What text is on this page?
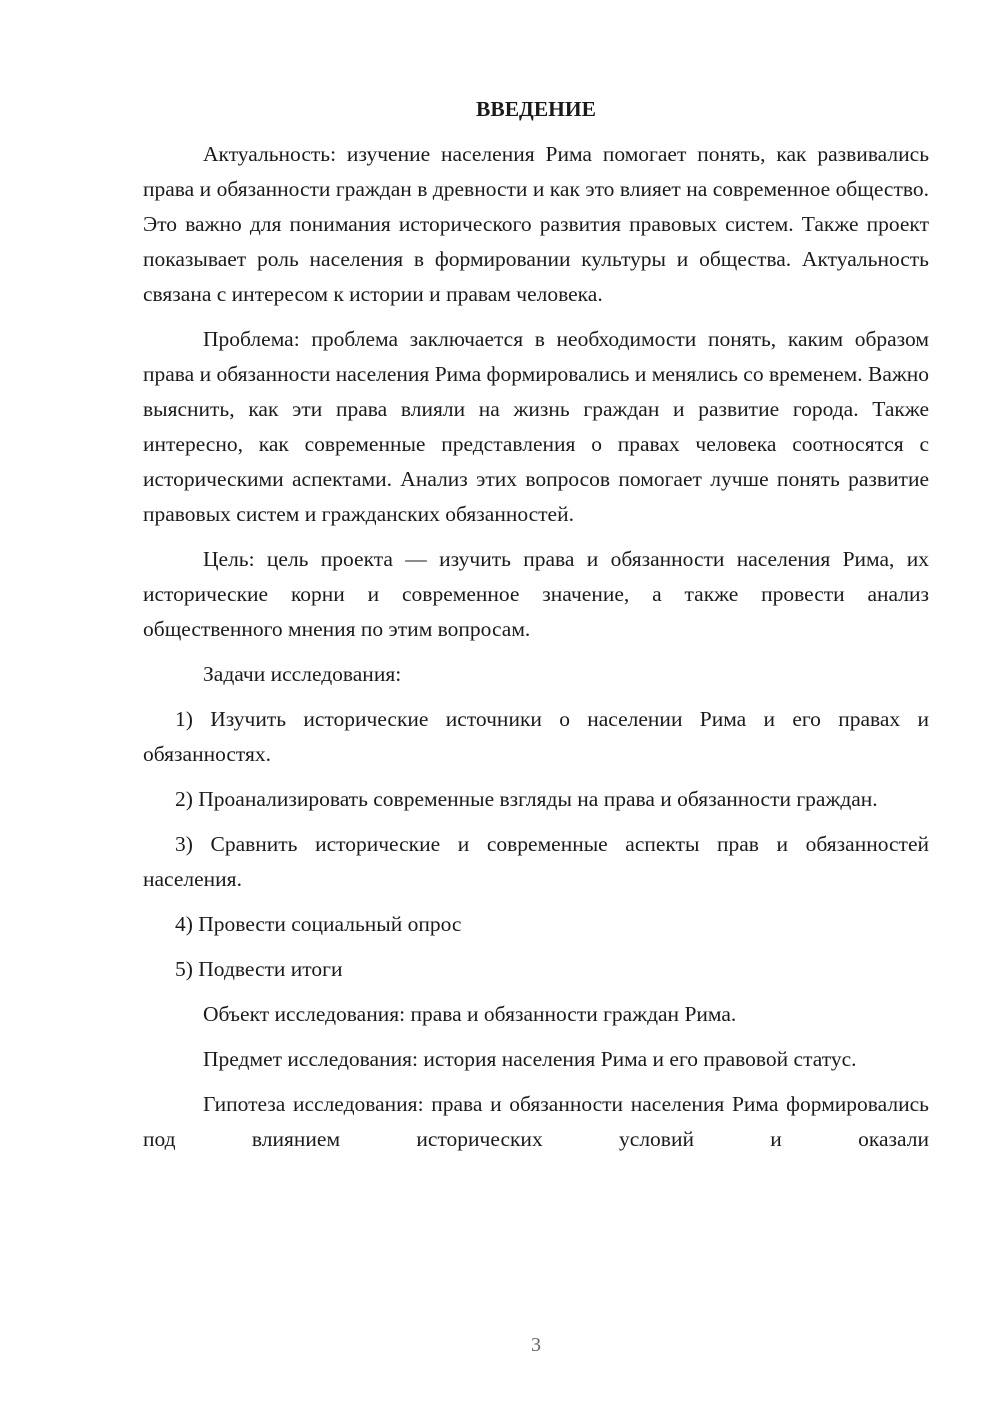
ВВЕДЕНИЕ

Актуальность: изучение населения Рима помогает понять, как развивались права и обязанности граждан в древности и как это влияет на современное общество. Это важно для понимания исторического развития правовых систем. Также проект показывает роль населения в формировании культуры и общества. Актуальность связана с интересом к истории и правам человека.

Проблема: проблема заключается в необходимости понять, каким образом права и обязанности населения Рима формировались и менялись со временем. Важно выяснить, как эти права влияли на жизнь граждан и развитие города. Также интересно, как современные представления о правах человека соотносятся с историческими аспектами. Анализ этих вопросов помогает лучше понять развитие правовых систем и гражданских обязанностей.

Цель: цель проекта — изучить права и обязанности населения Рима, их исторические корни и современное значение, а также провести анализ общественного мнения по этим вопросам.

Задачи исследования:

1) Изучить исторические источники о населении Рима и его правах и обязанностях.

2) Проанализировать современные взгляды на права и обязанности граждан.

3) Сравнить исторические и современные аспекты прав и обязанностей населения.

4) Провести социальный опрос

5) Подвести итоги

Объект исследования: права и обязанности граждан Рима.

Предмет исследования: история населения Рима и его правовой статус.

Гипотеза исследования: права и обязанности населения Рима формировались под влиянием исторических условий и оказали

3
